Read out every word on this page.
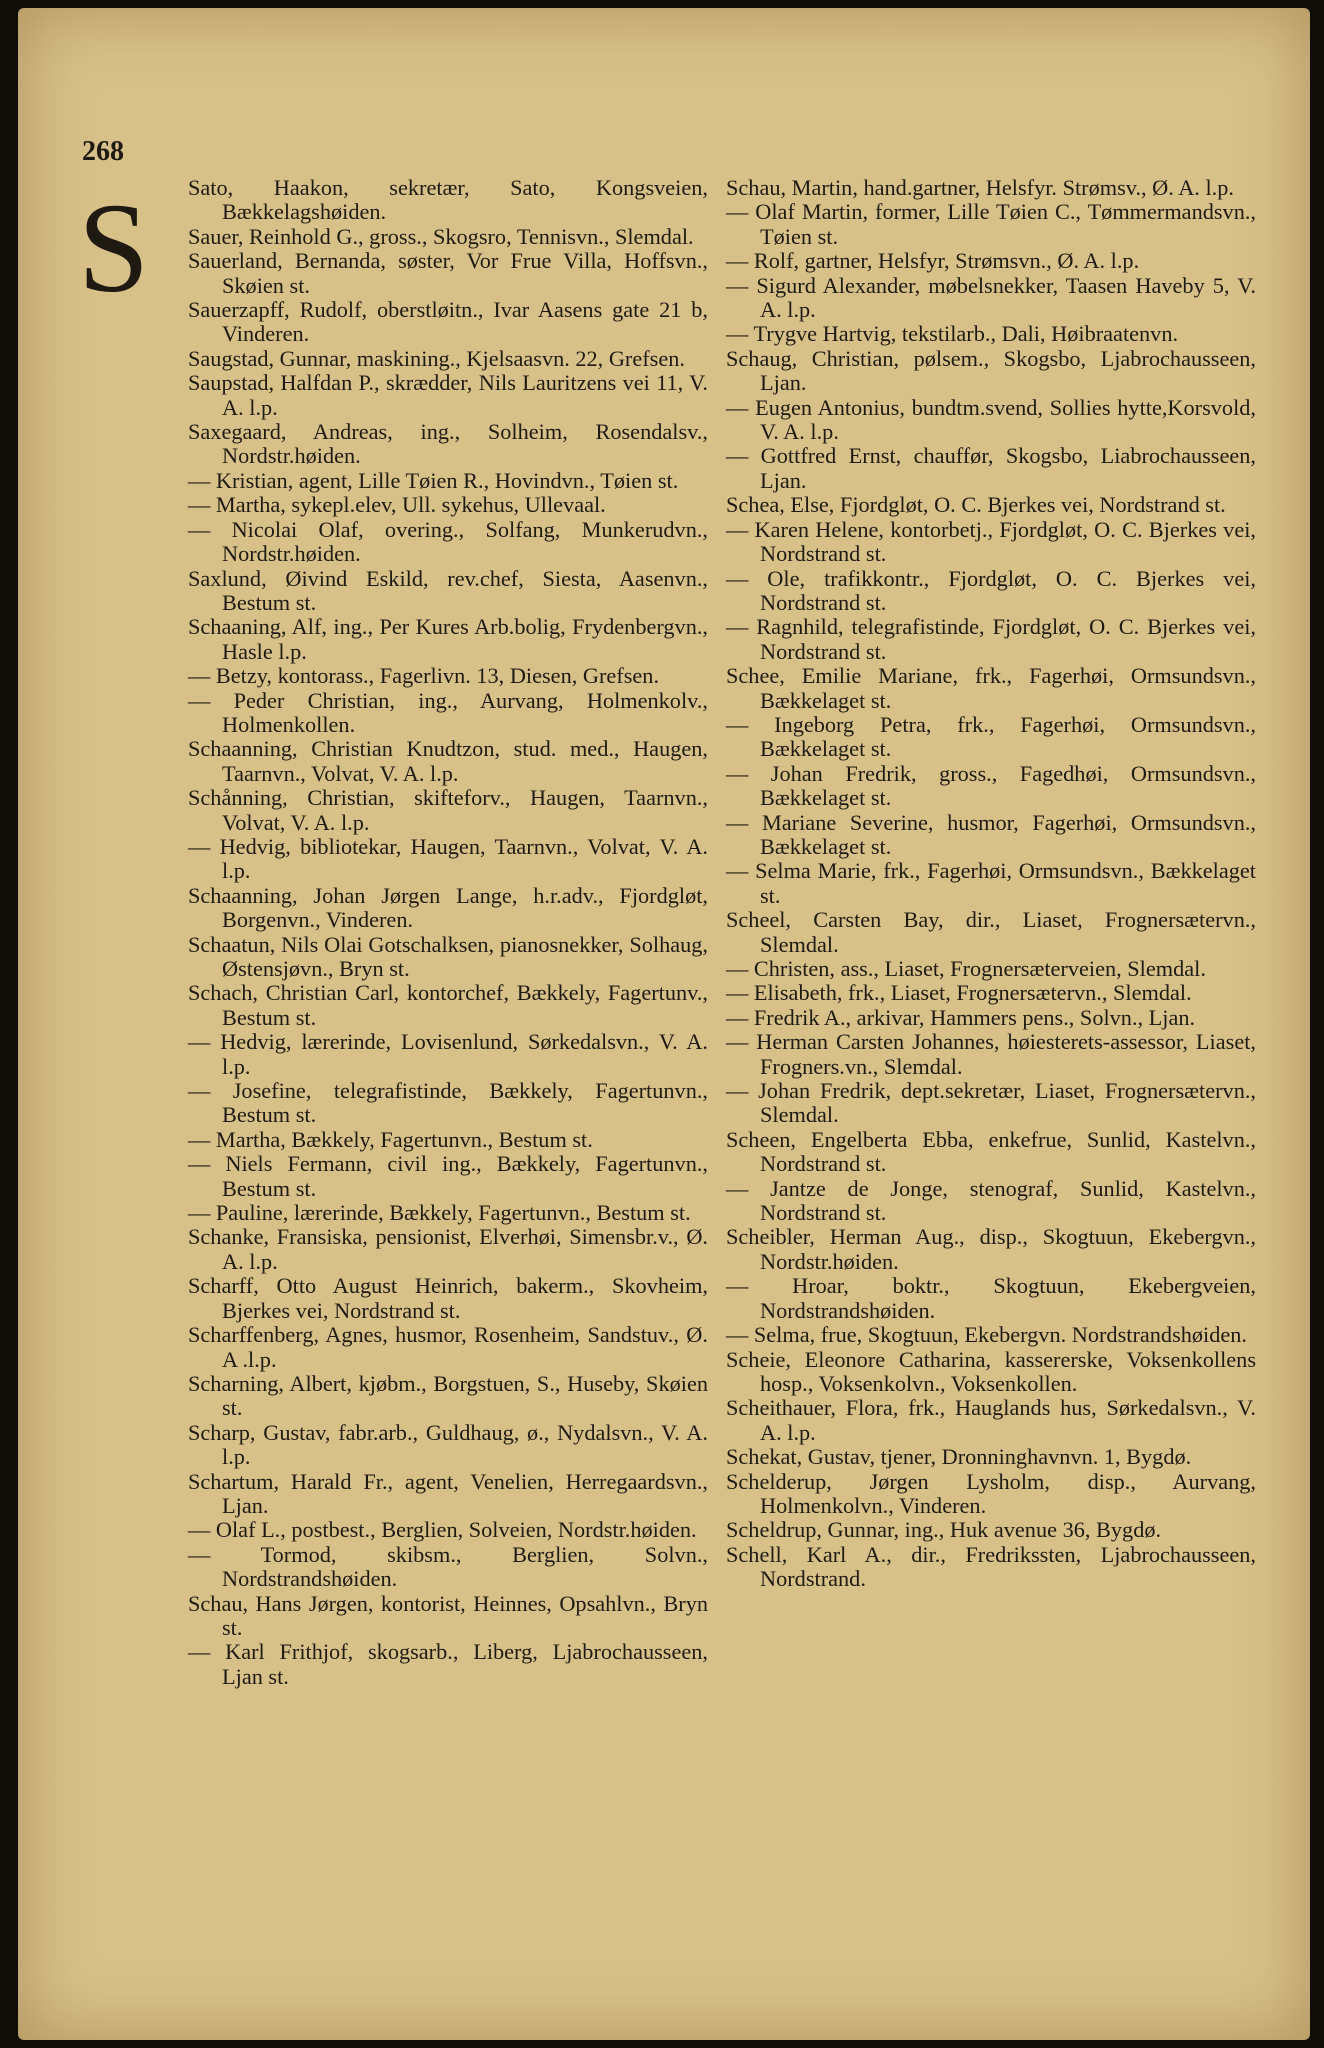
268
S Sato, Haakon, sekretær, Sato, Kongsveien, Bækkelagshøiden.

Sauer, Reinhold G., gross., Skogsro, Tennisvn., Slemdal.

Sauerland, Bernanda, søster, Vor Frue Villa, Hoffsvn., Skøien st.

Sauerzapff, Rudolf, oberstløitn., Ivar Aasens gate 21 b, Vinderen.

Saugstad, Gunnar, maskining., Kjelsaasvn. 22, Grefsen.

Saupstad, Halfdan P., skrædder, Nils Lauritzens vei 11, V. A. l.p.

Saxegaard, Andreas, ing., Solheim, Rosendalsv., Nordstr.høiden.

— Kristian, agent, Lille Tøien R., Hovindvn., Tøien st.

— Martha, sykepl.elev, Ull. sykehus, Ullevaal.

— Nicolai Olaf, overing., Solfang, Munkerudvn., Nordstr.høiden.

Saxlund, Øivind Eskild, rev.chef, Siesta, Aasenvn., Bestum st.

Schaaning, Alf, ing., Per Kures Arb.bolig, Frydenbergvn., Hasle l.p.

— Betzy, kontorass., Fagerlivn. 13, Diesen, Grefsen.

— Peder Christian, ing., Aurvang, Holmenkolv., Holmenkollen.

Schaanning, Christian Knudtzon, stud. med., Haugen, Taarnvn., Volvat, V. A. l.p.

Schånning, Christian, skifteforv., Haugen, Taarnvn., Volvat, V. A. l.p.

— Hedvig, bibliotekar, Haugen, Taarnvn., Volvat, V. A. l.p.

Schaanning, Johan Jørgen Lange, h.r.adv., Fjordgløt, Borgenvn., Vinderen.

Schaatun, Nils Olai Gotschalksen, pianosnekker, Solhaug, Østensjøvn., Bryn st.

Schach, Christian Carl, kontorchef, Bækkely, Fagertunv., Bestum st.

— Hedvig, lærerinde, Lovisenlund, Sørkedalsvn., V. A. l.p.

— Josefine, telegrafistinde, Bækkely, Fagertunvn., Bestum st.

— Martha, Bækkely, Fagertunvn., Bestum st.

— Niels Fermann, civil ing., Bækkely, Fagertunvn., Bestum st.

— Pauline, lærerinde, Bækkely, Fagertunvn., Bestum st.

Schanke, Fransiska, pensionist, Elverhøi, Simensbr.v., Ø. A. l.p.

Scharff, Otto August Heinrich, bakerm., Skovheim, Bjerkes vei, Nordstrand st.

Scharffenberg, Agnes, husmor, Rosenheim, Sandstuv., Ø. A .l.p.

Scharning, Albert, kjøbm., Borgstuen, S., Huseby, Skøien st.

Scharp, Gustav, fabr.arb., Guldhaug, ø., Nydalsvn., V. A. l.p.

Schartum, Harald Fr., agent, Venelien, Herregaardsvn., Ljan.

— Olaf L., postbest., Berglien, Solveien, Nordstr.høiden.

— Tormod, skibsm., Berglien, Solvn., Nordstrandshøiden.

Schau, Hans Jørgen, kontorist, Heinnes, Opsahlvn., Bryn st.

— Karl Frithjof, skogsarb., Liberg, Ljabrochausseen, Ljan st.

Schau, Martin, hand.gartner, Helsfyr. Strømsv., Ø. A. l.p.

— Olaf Martin, former, Lille Tøien C., Tømmermandsvn., Tøien st.

— Rolf, gartner, Helsfyr, Strømsvn., Ø. A. l.p.

— Sigurd Alexander, møbelsnekker, Taasen Haveby 5, V. A. l.p.

— Trygve Hartvig, tekstilarb., Dali, Høibraatenvn.

Schaug, Christian, pølsem., Skogsbo, Ljabrochausseen, Ljan.

— Eugen Antonius, bundtm.svend, Sollies hytte,Korsvold, V. A. l.p.

— Gottfred Ernst, chauffør, Skogsbo, Liabrochausseen, Ljan.

Schea, Else, Fjordgløt, O. C. Bjerkes vei, Nordstrand st.

— Karen Helene, kontorbetj., Fjordgløt, O. C. Bjerkes vei, Nordstrand st.

— Ole, trafikkontr., Fjordgløt, O. C. Bjerkes vei, Nordstrand st.

— Ragnhild, telegrafistinde, Fjordgløt, O. C. Bjerkes vei, Nordstrand st.

Schee, Emilie Mariane, frk., Fagerhøi, Ormsundsvn., Bækkelaget st.

— Ingeborg Petra, frk., Fagerhøi, Ormsundsvn., Bækkelaget st.

— Johan Fredrik, gross., Fagedhøi, Ormsundsvn., Bækkelaget st.

— Mariane Severine, husmor, Fagerhøi, Ormsundsvn., Bækkelaget st.

— Selma Marie, frk., Fagerhøi, Ormsundsvn., Bækkelaget st.

Scheel, Carsten Bay, dir., Liaset, Frognersætervn., Slemdal.

— Christen, ass., Liaset, Frognersæterveien, Slemdal.

— Elisabeth, frk., Liaset, Frognersætervn., Slemdal.

— Fredrik A., arkivar, Hammers pens., Solvn., Ljan.

— Herman Carsten Johannes, høiesterets-assessor, Liaset, Frogners.vn., Slemdal.

— Johan Fredrik, dept.sekretær, Liaset, Frognersætervn., Slemdal.

Scheen, Engelberta Ebba, enkefrue, Sunlid, Kastelvn., Nordstrand st.

— Jantze de Jonge, stenograf, Sunlid, Kastelvn., Nordstrand st.

Scheibler, Herman Aug., disp., Skogtuun, Ekebergvn., Nordstr.høiden.

— Hroar, boktr., Skogtuun, Ekebergveien, Nordstrandshøiden.

— Selma, frue, Skogtuun, Ekebergvn. Nordstrandshøiden.

Scheie, Eleonore Catharina, kassererske, Voksenkollens hosp., Voksenkolvn., Voksenkollen.

Scheithauer, Flora, frk., Hauglands hus, Sørkedalsvn., V. A. l.p.

Schekat, Gustav, tjener, Dronninghavnvn. 1, Bygdø.

Schelderup, Jørgen Lysholm, disp., Aurvang, Holmenkolvn., Vinderen.

Scheldrup, Gunnar, ing., Huk avenue 36, Bygdø.

Schell, Karl A., dir., Fredrikssten, Ljabrochausseen, Nordstrand.
